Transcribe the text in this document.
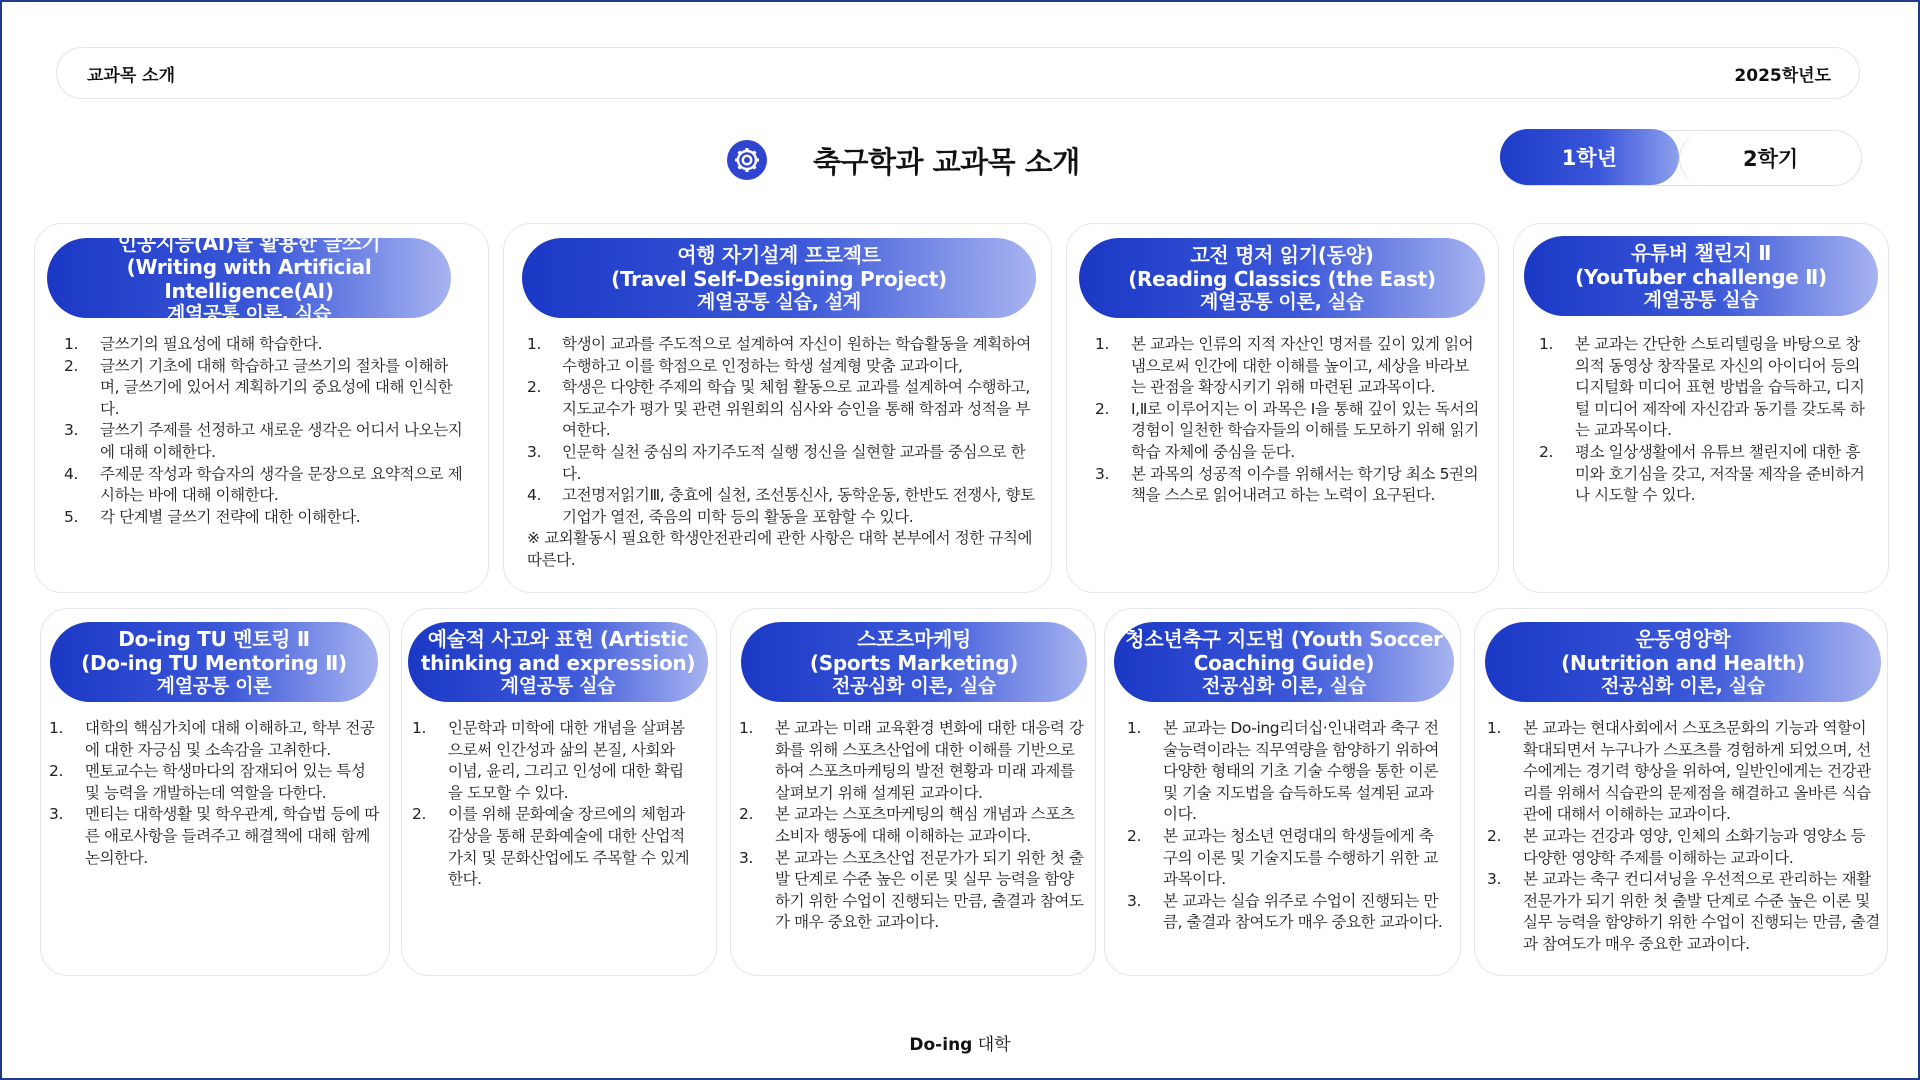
교과목 소개	2025학년도
축구학과 교과목 소개	1학년	2학기
인공지능(AI)을 활용한 글쓰기
(Writing with Artificial Intelligence(AI)
계열공통 이론, 실습
1.	글쓰기의 필요성에 대해 학습한다.
2.	글쓰기 기초에 대해 학습하고 글쓰기의 절차를 이해하며, 글쓰기에 있어서 계획하기의 중요성에 대해 인식한다.
3.	글쓰기 주제를 선정하고 새로운 생각은 어디서 나오는지에 대해 이해한다.
4.	주제문 작성과 학습자의 생각을 문장으로 요약적으로 제시하는 바에 대해 이해한다.
5.	각 단계별 글쓰기 전략에 대한 이해한다.
여행 자기설계 프로젝트
(Travel Self-Designing Project)
계열공통 실습, 설계
1.	학생이 교과를 주도적으로 설계하여 자신이 원하는 학습활동을 계획하여 수행하고 이를 학점으로 인정하는 학생 설계형 맞춤 교과이다,
2.	학생은 다양한 주제의 학습 및 체험 활동으로 교과를 설계하여 수행하고, 지도교수가 평가 및 관련 위원회의 심사와 승인을 통해 학점과 성적을 부여한다.
3.	인문학 실천 중심의 자기주도적 실행 정신을 실현할 교과를 중심으로 한다.
4.	고전명저읽기Ⅲ, 충효에 실천, 조선통신사, 동학운동, 한반도 전쟁사, 향토기업가 열전, 죽음의 미학 등의 활동을 포함할 수 있다.
※ 교외활동시 필요한 학생안전관리에 관한 사항은 대학 본부에서 정한 규칙에 따른다.
고전 명저 읽기(동양)
(Reading Classics (the East)
계열공통 이론, 실습
1.	본 교과는 인류의 지적 자산인 명저를 깊이 있게 읽어냄으로써 인간에 대한 이해를 높이고, 세상을 바라보는 관점을 확장시키기 위해 마련된 교과목이다.
2.	Ⅰ,Ⅱ로 이루어지는 이 과목은 Ⅰ을 통해 깊이 있는 독서의 경험이 일천한 학습자들의 이해를 도모하기 위해 읽기 학습 자체에 중심을 둔다.
3.	본 과목의 성공적 이수를 위해서는 학기당 최소 5권의 책을 스스로 읽어내려고 하는 노력이 요구된다.
유튜버 챌린지 Ⅱ
(YouTuber challenge Ⅱ)
계열공통 실습
1.	본 교과는 간단한 스토리텔링을 바탕으로 창의적 동영상 창작물로 자신의 아이디어 등의 디지털화 미디어 표현 방법을 습득하고, 디지털 미디어 제작에 자신감과 동기를 갖도록 하는 교과목이다.
2.	평소 일상생활에서 유튜브 챌린지에 대한 흥미와 호기심을 갖고, 저작물 제작을 준비하거나 시도할 수 있다.
Do-ing TU 멘토링 Ⅱ
(Do-ing TU Mentoring Ⅱ)
계열공통 이론
1.	대학의 핵심가치에 대해 이해하고, 학부 전공에 대한 자긍심 및 소속감을 고취한다.
2.	멘토교수는 학생마다의 잠재되어 있는 특성 및 능력을 개발하는데 역할을 다한다.
3.	멘티는 대학생활 및 학우관계, 학습법 등에 따른 애로사항을 들려주고 해결책에 대해 함께 논의한다.
예술적 사고와 표현 (Artistic
thinking and expression)
계열공통 실습
1.	인문학과 미학에 대한 개념을 살펴봄으로써 인간성과 삶의 본질, 사회와 이념, 윤리, 그리고 인성에 대한 확립을 도모할 수 있다.
2.	이를 위해 문화예술 장르에의 체험과 감상을 통해 문화예술에 대한 산업적 가치 및 문화산업에도 주목할 수 있게 한다.
스포츠마케팅
(Sports Marketing)
전공심화 이론, 실습
1.	본 교과는 미래 교육환경 변화에 대한 대응력 강화를 위해 스포츠산업에 대한 이해를 기반으로 하여 스포츠마케팅의 발전 현황과 미래 과제를 살펴보기 위해 설계된 교과이다.
2.	본 교과는 스포츠마케팅의 핵심 개념과 스포츠 소비자 행동에 대해 이해하는 교과이다.
3.	본 교과는 스포츠산업 전문가가 되기 위한 첫 출발 단계로 수준 높은 이론 및 실무 능력을 함양하기 위한 수업이 진행되는 만큼, 출결과 참여도가 매우 중요한 교과이다.
청소년축구 지도법 (Youth Soccer
Coaching Guide)
전공심화 이론, 실습
1.	본 교과는 Do-ing리더십·인내력과 축구 전술능력이라는 직무역량을 함양하기 위하여 다양한 형태의 기초 기술 수행을 통한 이론 및 기술 지도법을 습득하도록 설계된 교과이다.
2.	본 교과는 청소년 연령대의 학생들에게 축구의 이론 및 기술지도를 수행하기 위한 교과목이다.
3.	본 교과는 실습 위주로 수업이 진행되는 만큼, 출결과 참여도가 매우 중요한 교과이다.
운동영양학
(Nutrition and Health)
전공심화 이론, 실습
1.	본 교과는 현대사회에서 스포츠문화의 기능과 역할이 확대되면서 누구나가 스포츠를 경험하게 되었으며, 선수에게는 경기력 향상을 위하여, 일반인에게는 건강관리를 위해서 식습관의 문제점을 해결하고 올바른 식습관에 대해서 이해하는 교과이다.
2.	본 교과는 건강과 영양, 인체의 소화기능과 영양소 등 다양한 영양학 주제를 이해하는 교과이다.
3.	본 교과는 축구 컨디셔닝을 우선적으로 관리하는 재활전문가가 되기 위한 첫 출발 단계로 수준 높은 이론 및 실무 능력을 함양하기 위한 수업이 진행되는 만큼, 출결과 참여도가 매우 중요한 교과이다.
Do-ing 대학
